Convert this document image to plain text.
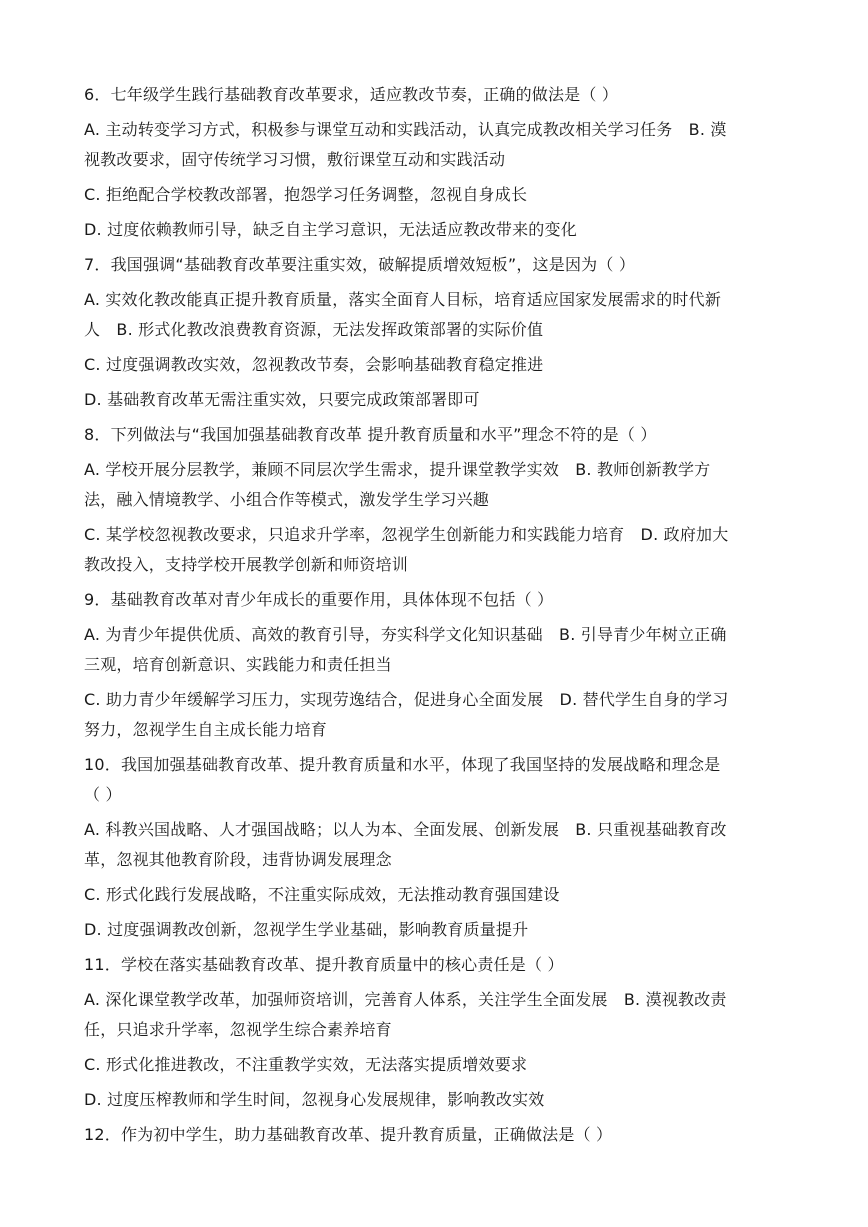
6．七年级学生践行基础教育改革要求，适应教改节奏，正确的做法是（ ）
A. 主动转变学习方式，积极参与课堂互动和实践活动，认真完成教改相关学习任务　B. 漠
视教改要求，固守传统学习习惯，敷衍课堂互动和实践活动
C. 拒绝配合学校教改部署，抱怨学习任务调整，忽视自身成长
D. 过度依赖教师引导，缺乏自主学习意识，无法适应教改带来的变化
7．我国强调“基础教育改革要注重实效，破解提质增效短板”，这是因为（ ）
A. 实效化教改能真正提升教育质量，落实全面育人目标，培育适应国家发展需求的时代新
人　B. 形式化教改浪费教育资源，无法发挥政策部署的实际价值
C. 过度强调教改实效，忽视教改节奏，会影响基础教育稳定推进
D. 基础教育改革无需注重实效，只要完成政策部署即可
8．下列做法与“我国加强基础教育改革 提升教育质量和水平”理念不符的是（ ）
A. 学校开展分层教学，兼顾不同层次学生需求，提升课堂教学实效　B. 教师创新教学方
法，融入情境教学、小组合作等模式，激发学生学习兴趣
C. 某学校忽视教改要求，只追求升学率，忽视学生创新能力和实践能力培育　D. 政府加大
教改投入，支持学校开展教学创新和师资培训
9．基础教育改革对青少年成长的重要作用，具体体现不包括（ ）
A. 为青少年提供优质、高效的教育引导，夯实科学文化知识基础　B. 引导青少年树立正确
三观，培育创新意识、实践能力和责任担当
C. 助力青少年缓解学习压力，实现劳逸结合，促进身心全面发展　D. 替代学生自身的学习
努力，忽视学生自主成长能力培育
10．我国加强基础教育改革、提升教育质量和水平，体现了我国坚持的发展战略和理念是
（ ）
A. 科教兴国战略、人才强国战略；以人为本、全面发展、创新发展　B. 只重视基础教育改
革，忽视其他教育阶段，违背协调发展理念
C. 形式化践行发展战略，不注重实际成效，无法推动教育强国建设
D. 过度强调教改创新，忽视学生学业基础，影响教育质量提升
11．学校在落实基础教育改革、提升教育质量中的核心责任是（ ）
A. 深化课堂教学改革，加强师资培训，完善育人体系，关注学生全面发展　B. 漠视教改责
任，只追求升学率，忽视学生综合素养培育
C. 形式化推进教改，不注重教学实效，无法落实提质增效要求
D. 过度压榨教师和学生时间，忽视身心发展规律，影响教改实效
12．作为初中学生，助力基础教育改革、提升教育质量，正确做法是（ ）
